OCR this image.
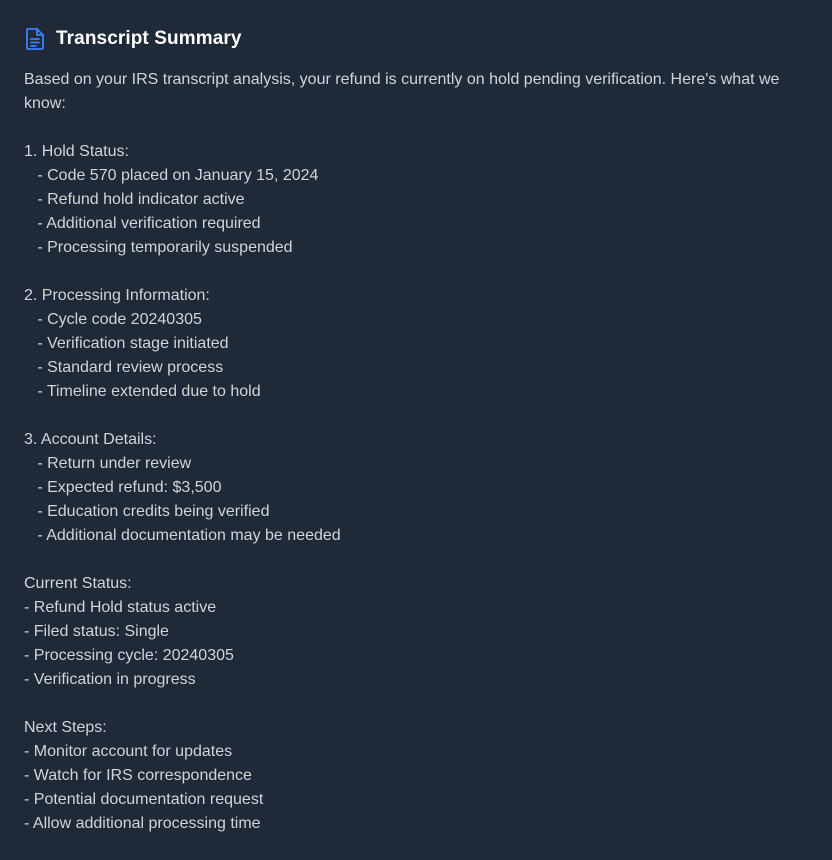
Transcript Summary

Based on your IRS transcript analysis, your refund is currently on hold pending verification. Here's what we know:

1. Hold Status:
- Code 570 placed on January 15, 2024
- Refund hold indicator active
- Additional verification required
- Processing temporarily suspended
2. Processing Information:
- Cycle code 20240305
- Verification stage initiated
- Standard review process
- Timeline extended due to hold
3. Account Details:
- Return under review
- Expected refund: $3,500
- Education credits being verified
- Additional documentation may be needed
Current Status:
- Refund Hold status active
- Filed status: Single
- Processing cycle: 20240305
- Verification in progress
Next Steps:
- Monitor account for updates
- Watch for IRS correspondence
- Potential documentation request
- Allow additional processing time
